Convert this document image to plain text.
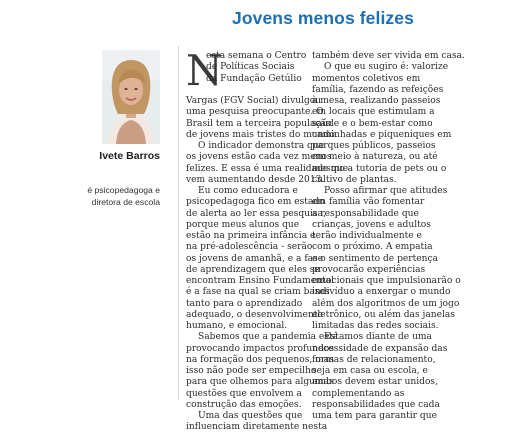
Jovens menos felizes
Ivete Barros
é psicopedagoga e
diretora de escola
N
esta semana o Centro
de Políticas Sociais
da Fundação Getúlio

Vargas (FGV Social) divulgou
uma pesquisa preocupante. O
Brasil tem a terceira população
de jovens mais tristes do mundo.

O indicador demonstra que
os jovens estão cada vez menos
felizes. E essa é uma realidade que
vem aumentando desde 2013.

Eu como educadora e
psicopedagoga fico em estado
de alerta ao ler essa pesquisa,
porque meus alunos que
estão na primeira infância e
na pré-adolescência - serão
os jovens de amanhã, e a fase
de aprendizagem que eles se
encontram Ensino Fundamental
é a fase na qual se criam bases
tanto para o aprendizado
adequado, o desenvolvimento
humano, e emocional.

Sabemos que a pandemia está
provocando impactos profundos
na formação dos pequenos, mas
isso não pode ser empecilho
para que olhemos para algumas
questões que envolvem a
construção das emoções.

Uma das questões que
influenciam diretamente nesta

também deve ser vivida em casa.

O que eu sugiro é: valorize
momentos coletivos em
família, fazendo as refeições
à mesa, realizando passeios
em locais que estimulam a
saúde e o bem-estar como
caminhadas e piqueniques em
parques públicos, passeios
em meio à natureza, ou até
mesmo a tutoria de pets ou o
cultivo de plantas.

Posso afirmar que atitudes
em família vão fomentar
a responsabilidade que
crianças, jovens e adultos
terão individualmente e
com o próximo. A empatia
e o sentimento de pertença
provocarão experiências
emocionais que impulsionarão o
indivíduo a enxergar o mundo
além dos algoritmos de um jogo
eletrônico, ou além das janelas
limitadas das redes sociais.

Estamos diante de uma
necessidade de expansão das
formas de relacionamento,
seja em casa ou escola, e
ambos devem estar unidos,
complementando as
responsabilidades que cada
uma tem para garantir que
